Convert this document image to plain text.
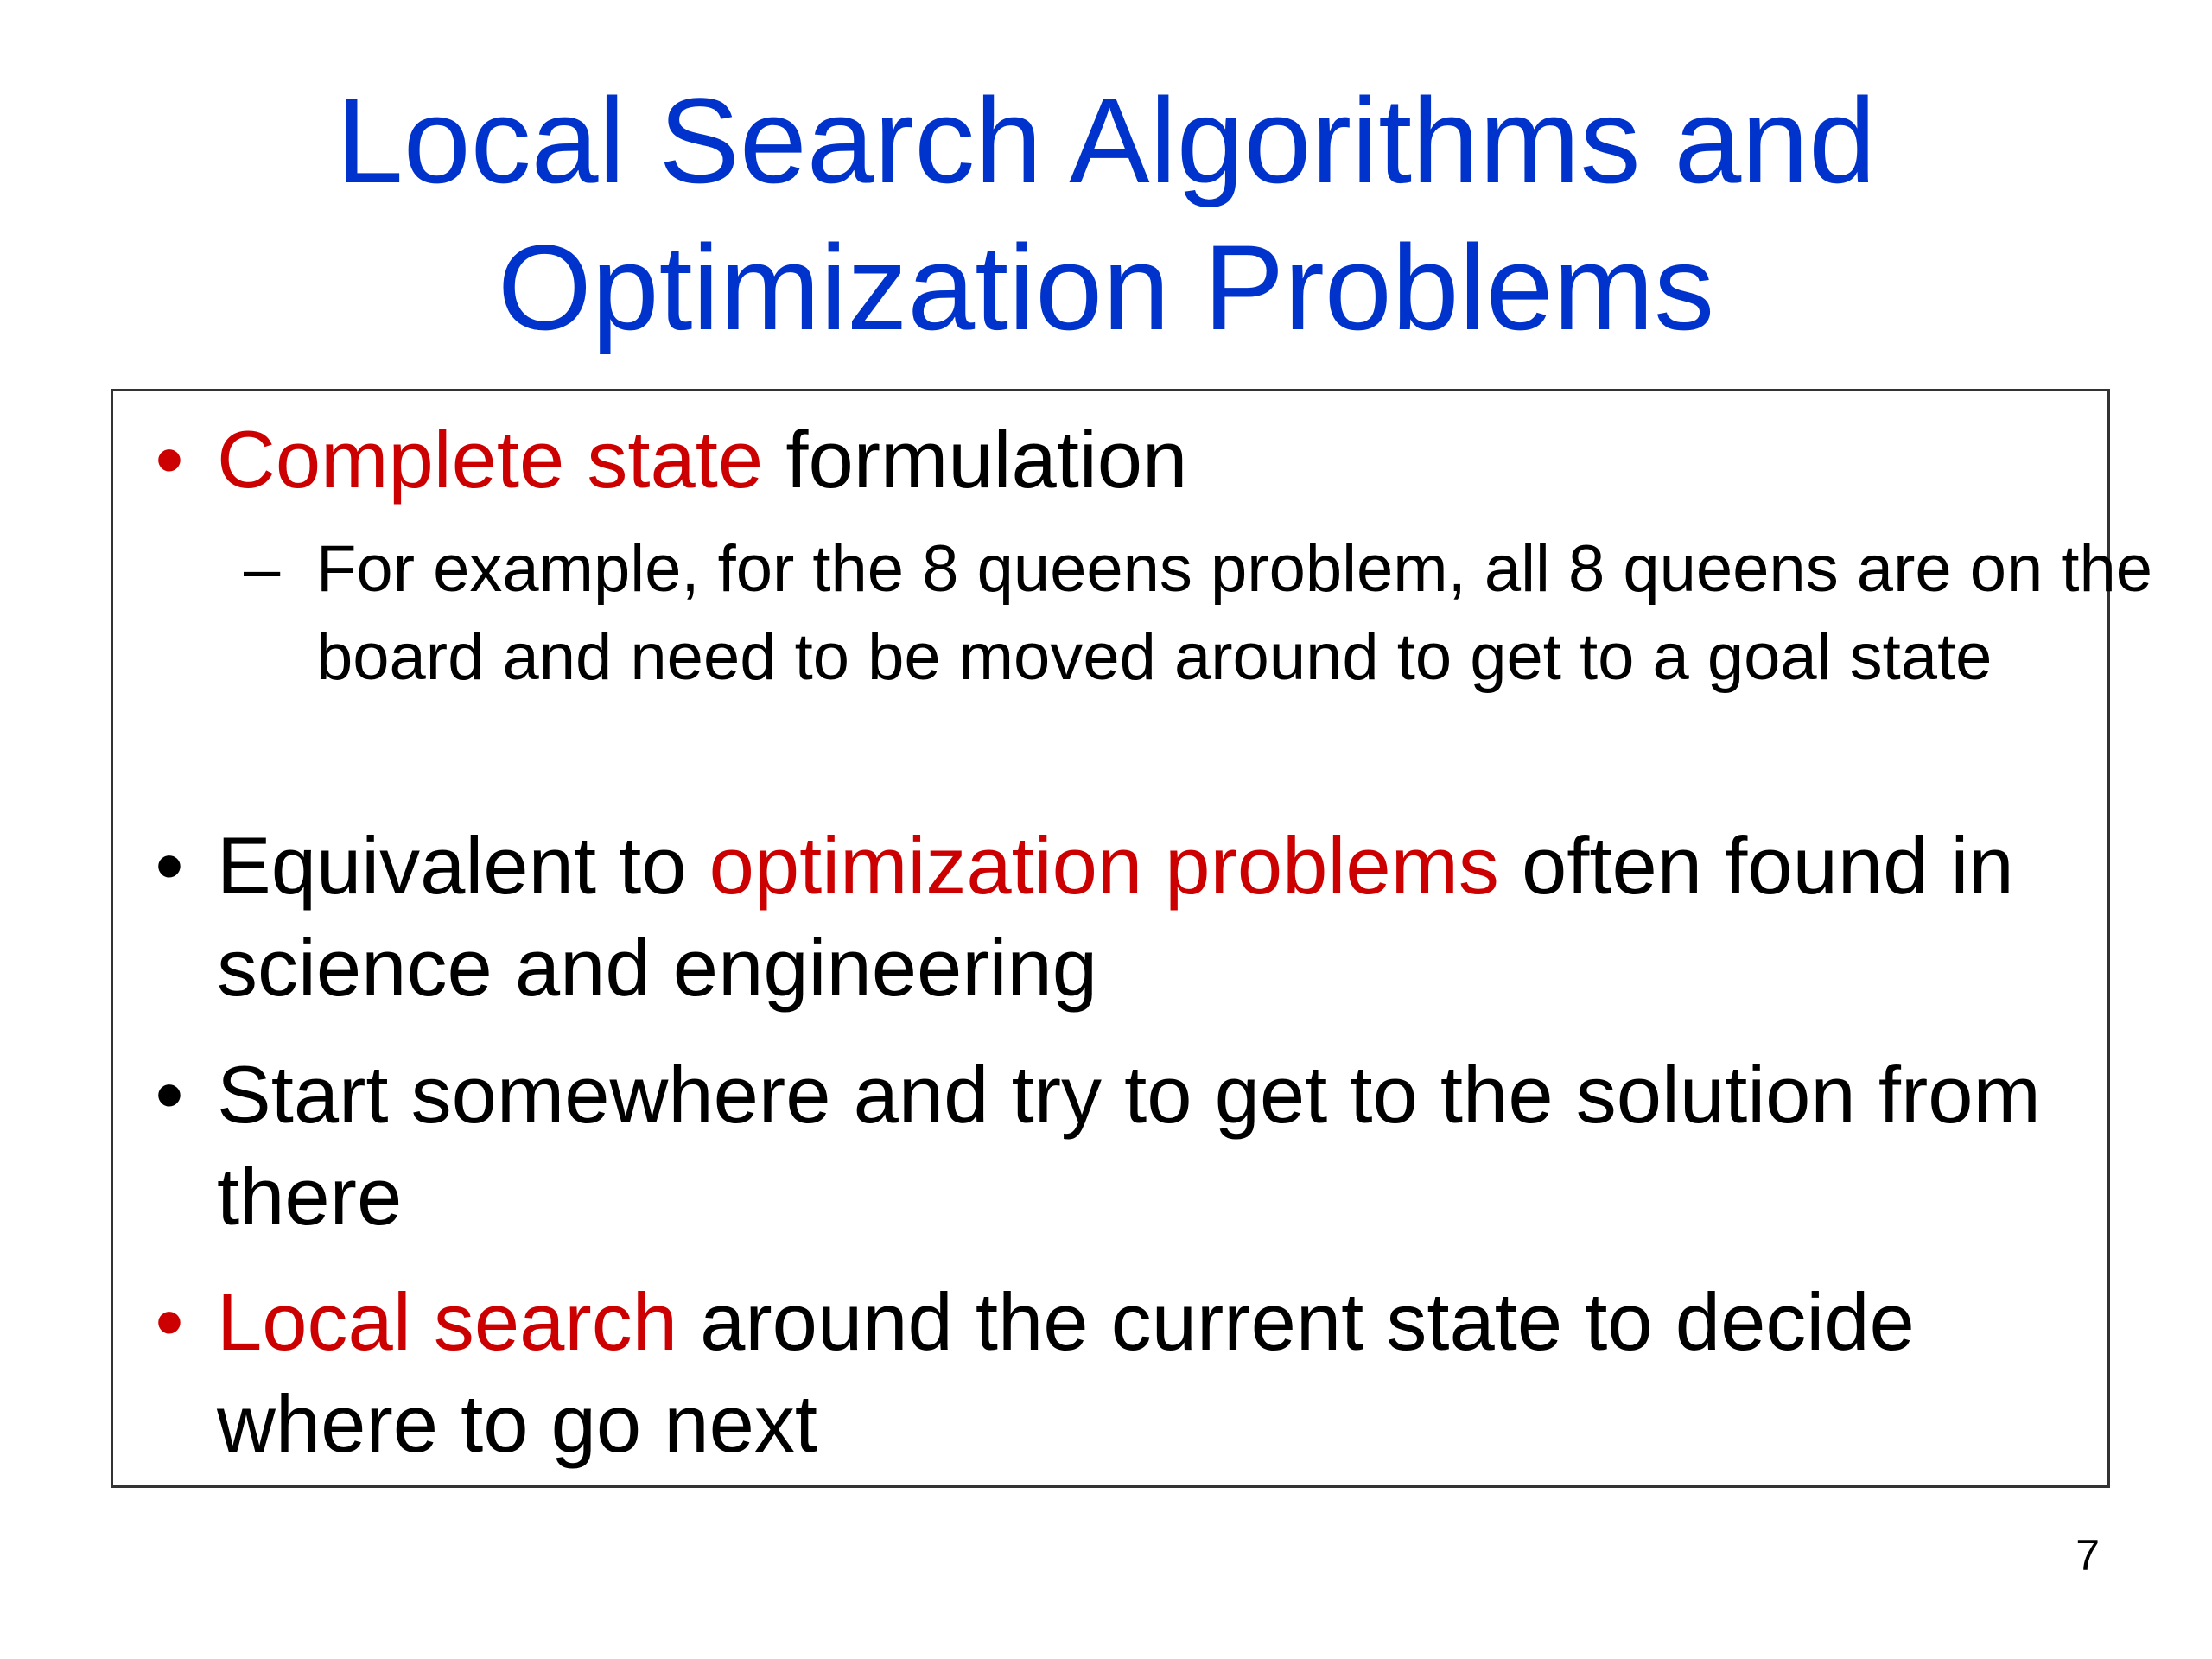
Local Search Algorithms and
Optimization Problems
• Complete state formulation
– For example, for the 8 queens problem, all 8 queens are on the board and need to be moved around to get to a goal state
• Equivalent to optimization problems often found in science and engineering
• Start somewhere and try to get to the solution from there
• Local search around the current state to decide where to go next
7
